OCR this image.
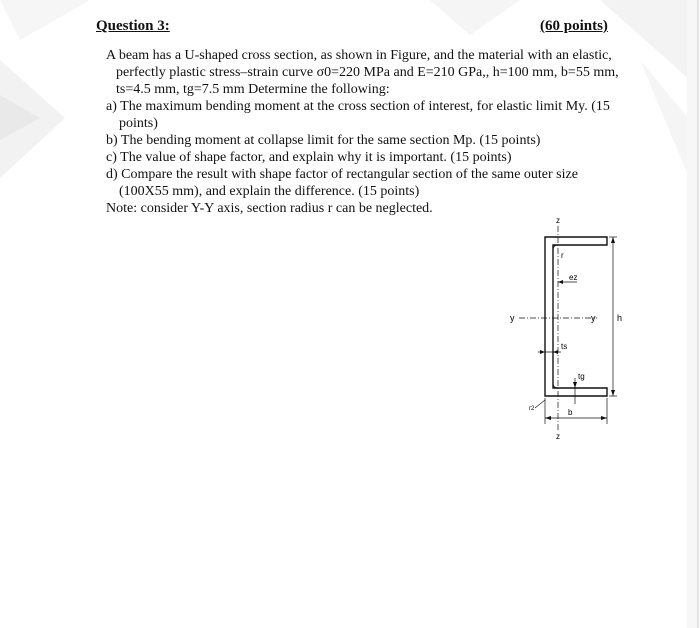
Question 3:	(60 points)

A beam has a U-shaped cross section, as shown in Figure, and the material with an elastic, perfectly plastic stress–strain curve σ0=220 MPa and E=210 GPa,, h=100 mm, b=55 mm, ts=4.5 mm, tg=7.5 mm Determine the following:

a) The maximum bending moment at the cross section of interest, for elastic limit My. (15 points)

b) The bending moment at collapse limit for the same section Mp. (15 points)

c) The value of shape factor, and explain why it is important. (15 points)

d) Compare the result with shape factor of rectangular section of the same outer size (100X55 mm), and explain the difference. (15 points)

Note: consider Y-Y axis, section radius r can be neglected.

z
z
y	y h
r
ez
ts
tg
b
r2
